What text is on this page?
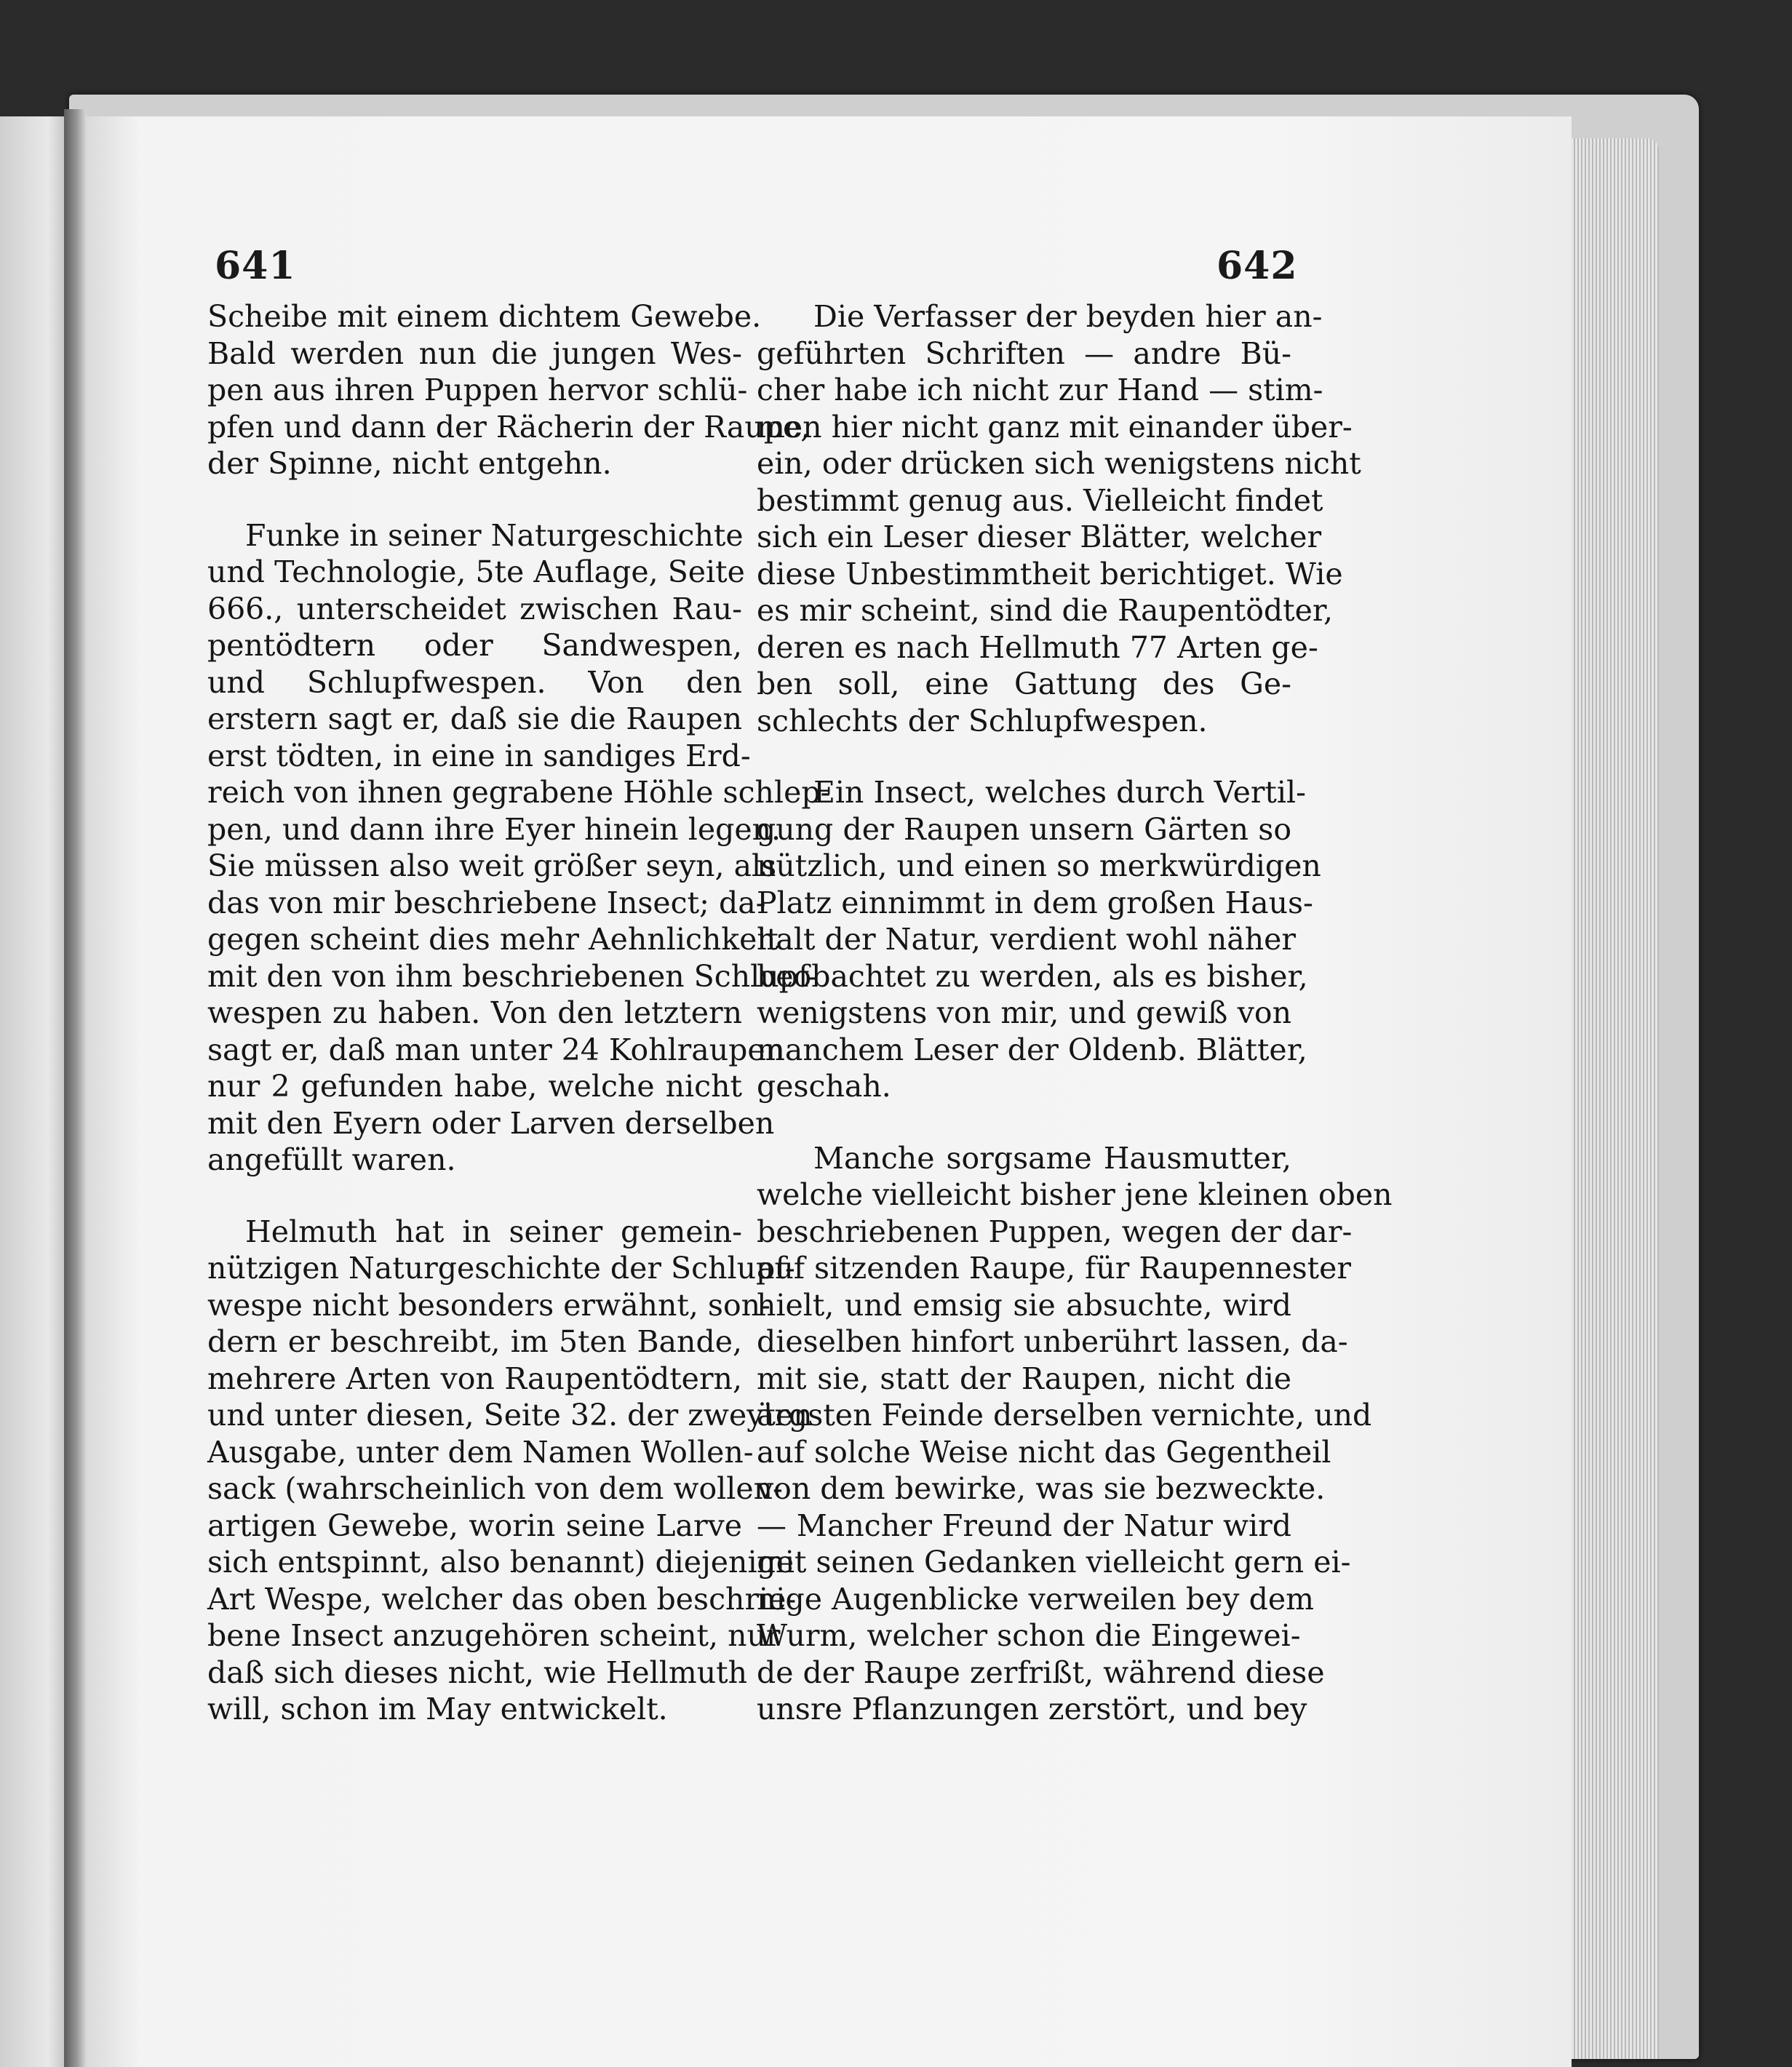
641	642
Scheibe mit einem dichtem Gewebe.
Bald werden nun die jungen Wes-
pen aus ihren Puppen hervor schlü-
pfen und dann der Rächerin der Raupe,
der Spinne, nicht entgehn.
Funke in seiner Naturgeschichte
und Technologie, 5te Auflage, Seite
666., unterscheidet zwischen Rau-
pentödtern oder Sandwespen,
und Schlupfwespen. Von den
erstern sagt er, daß sie die Raupen
erst tödten, in eine in sandiges Erd-
reich von ihnen gegrabene Höhle schlep-
pen, und dann ihre Eyer hinein legen.
Sie müssen also weit größer seyn, als
das von mir beschriebene Insect; da-
gegen scheint dies mehr Aehnlichkeit
mit den von ihm beschriebenen Schlupf-
wespen zu haben. Von den letztern
sagt er, daß man unter 24 Kohlraupen
nur 2 gefunden habe, welche nicht
mit den Eyern oder Larven derselben
angefüllt waren.
Helmuth hat in seiner gemein-
nützigen Naturgeschichte der Schlupf-
wespe nicht besonders erwähnt, son-
dern er beschreibt, im 5ten Bande,
mehrere Arten von Raupentödtern,
und unter diesen, Seite 32. der zweyten
Ausgabe, unter dem Namen Wollen-
sack (wahrscheinlich von dem wollen-
artigen Gewebe, worin seine Larve
sich entspinnt, also benannt) diejenige
Art Wespe, welcher das oben beschrie-
bene Insect anzugehören scheint, nur
daß sich dieses nicht, wie Hellmuth
will, schon im May entwickelt.
Die Verfasser der beyden hier an-
geführten Schriften — andre Bü-
cher habe ich nicht zur Hand — stim-
men hier nicht ganz mit einander über-
ein, oder drücken sich wenigstens nicht
bestimmt genug aus. Vielleicht findet
sich ein Leser dieser Blätter, welcher
diese Unbestimmtheit berichtiget. Wie
es mir scheint, sind die Raupentödter,
deren es nach Hellmuth 77 Arten ge-
ben soll, eine Gattung des Ge-
schlechts der Schlupfwespen.
Ein Insect, welches durch Vertil-
gung der Raupen unsern Gärten so
nützlich, und einen so merkwürdigen
Platz einnimmt in dem großen Haus-
halt der Natur, verdient wohl näher
beobachtet zu werden, als es bisher,
wenigstens von mir, und gewiß von
manchem Leser der Oldenb. Blätter,
geschah.
Manche sorgsame Hausmutter,
welche vielleicht bisher jene kleinen oben
beschriebenen Puppen, wegen der dar-
auf sitzenden Raupe, für Raupennester
hielt, und emsig sie absuchte, wird
dieselben hinfort unberührt lassen, da-
mit sie, statt der Raupen, nicht die
ärgsten Feinde derselben vernichte, und
auf solche Weise nicht das Gegentheil
von dem bewirke, was sie bezweckte.
— Mancher Freund der Natur wird
mit seinen Gedanken vielleicht gern ei-
nige Augenblicke verweilen bey dem
Wurm, welcher schon die Eingewei-
de der Raupe zerfrißt, während diese
unsre Pflanzungen zerstört, und bey
